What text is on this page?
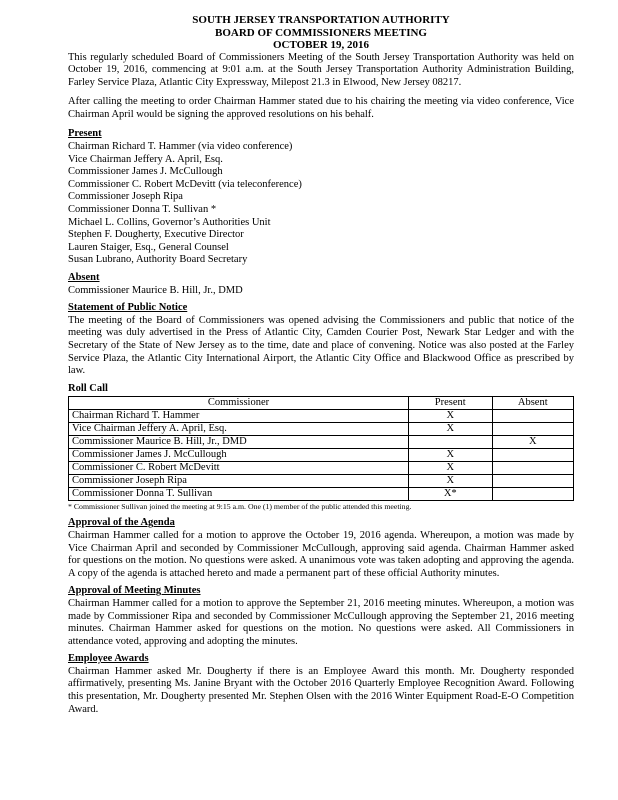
SOUTH JERSEY TRANSPORTATION AUTHORITY
BOARD OF COMMISSIONERS MEETING
OCTOBER 19, 2016

This regularly scheduled Board of Commissioners Meeting of the South Jersey Transportation Authority was held on October 19, 2016, commencing at 9:01 a.m. at the South Jersey Transportation Authority Administration Building, Farley Service Plaza, Atlantic City Expressway, Milepost 21.3 in Elwood, New Jersey 08217.

After calling the meeting to order Chairman Hammer stated due to his chairing the meeting via video conference, Vice Chairman April would be signing the approved resolutions on his behalf.

Present
Chairman Richard T. Hammer (via video conference)
Vice Chairman Jeffery A. April, Esq.
Commissioner James J. McCullough
Commissioner C. Robert McDevitt (via teleconference)
Commissioner Joseph Ripa
Commissioner Donna T. Sullivan *
Michael L. Collins, Governor’s Authorities Unit
Stephen F. Dougherty, Executive Director
Lauren Staiger, Esq., General Counsel
Susan Lubrano, Authority Board Secretary
Absent
Commissioner Maurice B. Hill, Jr., DMD
Statement of Public Notice

The meeting of the Board of Commissioners was opened advising the Commissioners and public that notice of the meeting was duly advertised in the Press of Atlantic City, Camden Courier Post, Newark Star Ledger and with the Secretary of the State of New Jersey as to the time, date and place of convening. Notice was also posted at the Farley Service Plaza, the Atlantic City International Airport, the Atlantic City Office and Blackwood Office as prescribed by law.

Roll Call
Commissioner	Present	Absent
Chairman Richard T. Hammer	X	
Vice Chairman Jeffery A. April, Esq.	X	
Commissioner Maurice B. Hill, Jr., DMD		X
Commissioner James J. McCullough	X	
Commissioner C. Robert McDevitt	X	
Commissioner Joseph Ripa	X	
Commissioner Donna T. Sullivan	X*	
* Commissioner Sullivan joined the meeting at 9:15 a.m. One (1) member of the public attended this meeting.
Approval of the Agenda

Chairman Hammer called for a motion to approve the October 19, 2016 agenda. Whereupon, a motion was made by Vice Chairman April and seconded by Commissioner McCullough, approving said agenda. Chairman Hammer asked for questions on the motion. No questions were asked. A unanimous vote was taken adopting and approving the agenda. A copy of the agenda is attached hereto and made a permanent part of these official Authority minutes.

Approval of Meeting Minutes

Chairman Hammer called for a motion to approve the September 21, 2016 meeting minutes. Whereupon, a motion was made by Commissioner Ripa and seconded by Commissioner McCullough approving the September 21, 2016 meeting minutes. Chairman Hammer asked for questions on the motion. No questions were asked. All Commissioners in attendance voted, approving and adopting the minutes.

Employee Awards

Chairman Hammer asked Mr. Dougherty if there is an Employee Award this month. Mr. Dougherty responded affirmatively, presenting Ms. Janine Bryant with the October 2016 Quarterly Employee Recognition Award. Following this presentation, Mr. Dougherty presented Mr. Stephen Olsen with the 2016 Winter Equipment Road-E-O Competition Award.
